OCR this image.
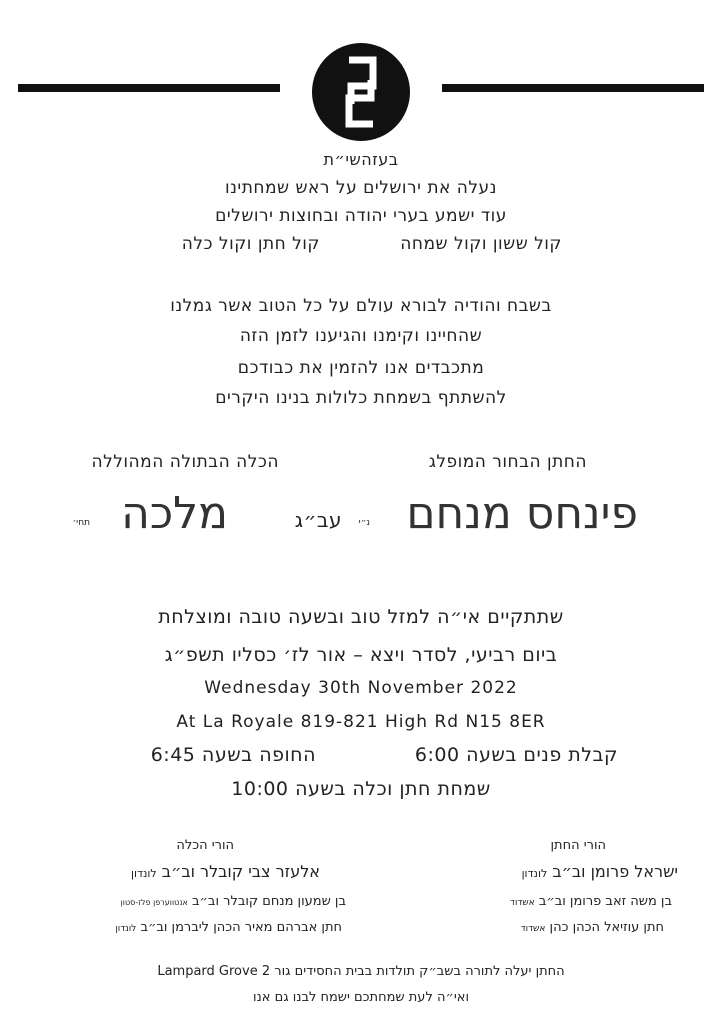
בעזהשי״ת
נעלה את ירושלים על ראש שמחתינו
עוד ישמע בערי יהודה ובחוצות ירושלים
קול ששון וקול שמחה
קול חתן וקול כלה
בשבח והודיה לבורא עולם על כל הטוב אשר גמלנו
שהחיינו וקימנו והגיענו לזמן הזה
מתכבדים אנו להזמין את כבודכם
להשתתף בשמחת כלולות בנינו היקרים
החתן הבחור המופלג
הכלה הבתולה המהוללה
פינחס מנחם
נ״י
עב״ג
מלכה
תחי׳
שתתקיים אי״ה למזל טוב ובשעה טובה ומוצלחת
ביום רביעי, לסדר ויצא – אור לז׳ כסליו תשפ״ג
Wednesday 30th November 2022
At La Royale 819-821 High Rd N15 8ER
קבלת פנים בשעה 6:00
החופה בשעה 6:45
שמחת חתן וכלה בשעה 10:00
הורי החתן
ישראל פרומן וב״ב לונדון
בן משה זאב פרומן וב״ב אשדוד
חתן עוזיאל הכהן כהן אשדוד
הורי הכלה
אלעזר צבי קובלר וב״ב לונדון
בן שמעון מנחם קובלר וב״ב אנטווערפן פלז-סטון
חתן אברהם מאיר הכהן ליברמן וב״ב לונדון
החתן יעלה לתורה בשב״ק תולדות בבית החסידים גור 2 Lampard Grove
ואי״ה לעת שמחתכם ישמח לבנו גם אנו
